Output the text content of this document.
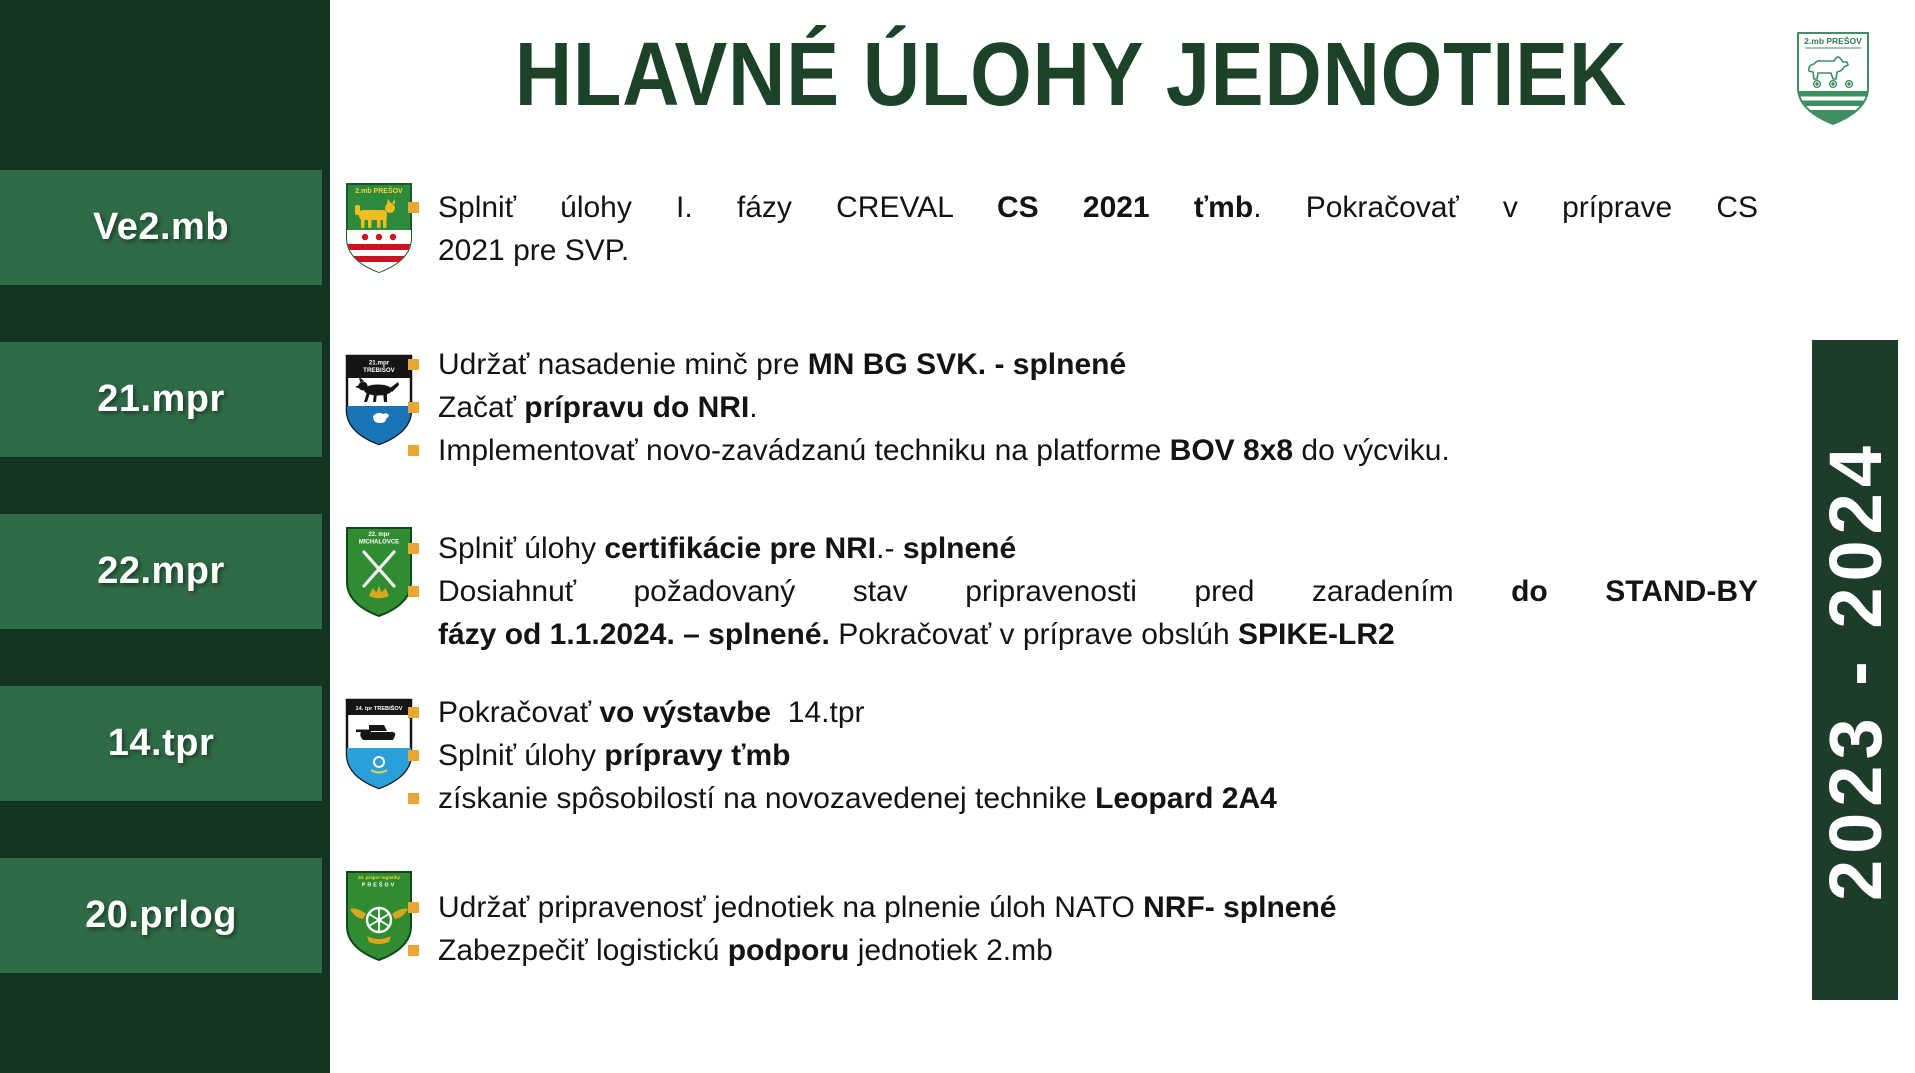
HLAVNÉ ÚLOHY JEDNOTIEK	2.mb PREŠOV
Ve2.mb
21.mpr
22.mpr
14.tpr
20.prlog
2.mb PREŠOV
21.mpr
TREBIŠOV
22. mpr
MICHALOVCE
14. tpr TREBIŠOV
20. prápor logistiky
PREŠOV
Splniť úlohy I. fázy CREVAL CS 2021 ťmb. Pokračovať v príprave CS
2021 pre SVP.
Udržať nasadenie minč pre MN BG SVK. - splnené
Začať prípravu do NRI.
Implementovať novo-zavádzanú techniku na platforme BOV 8x8 do výcviku.
Splniť úlohy certifikácie pre NRI.- splnené
Dosiahnuť požadovaný stav pripravenosti pred zaradením do STAND-BY
fázy od 1.1.2024. – splnené. Pokračovať v príprave obslúh SPIKE-LR2
Pokračovať vo výstavbe  14.tpr
Splniť úlohy prípravy ťmb
získanie spôsobilostí na novozavedenej technike Leopard 2A4
Udržať pripravenosť jednotiek na plnenie úloh NATO NRF- splnené
Zabezpečiť logistickú podporu jednotiek 2.mb
2023 - 2024
